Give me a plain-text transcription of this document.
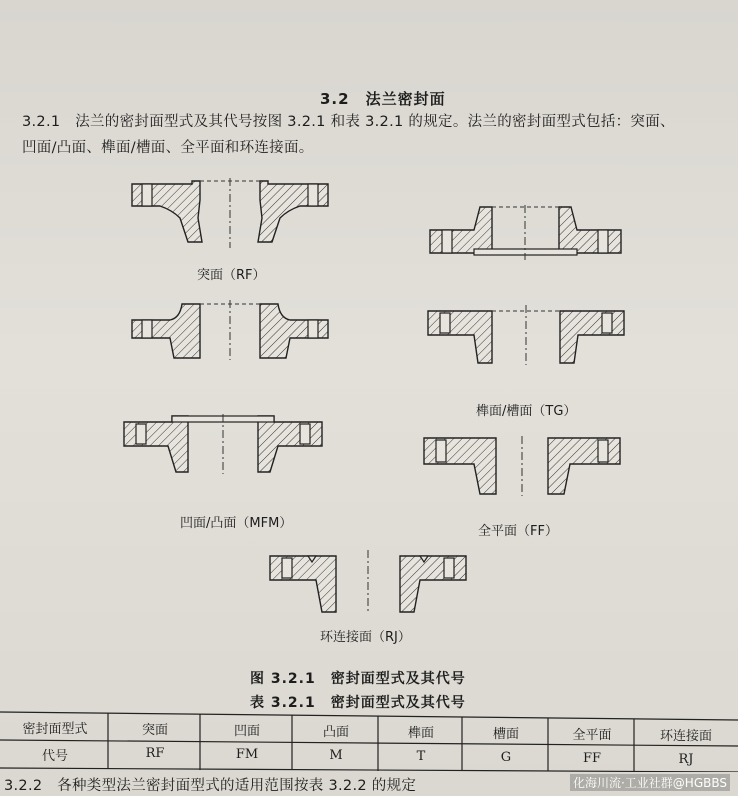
3.2　法兰密封面
3.2.1　法兰的密封面型式及其代号按图 3.2.1 和表 3.2.1 的规定。法兰的密封面型式包括：突面、
凹面/凸面、榫面/槽面、全平面和环连接面。
突面（RF）
榫面/槽面（TG）
凹面/凸面（MFM）
全平面（FF）
环连接面（RJ）
图 3.2.1　密封面型式及其代号
表 3.2.1　密封面型式及其代号
密封面型式	突面	凹面	凸面	榫面	槽面	全平面	环连接面
代号	RF	FM	M	T	G	FF	RJ
3.2.2　各种类型法兰密封面型式的适用范围按表 3.2.2 的规定	化海川流·工业社群@HGBBS
